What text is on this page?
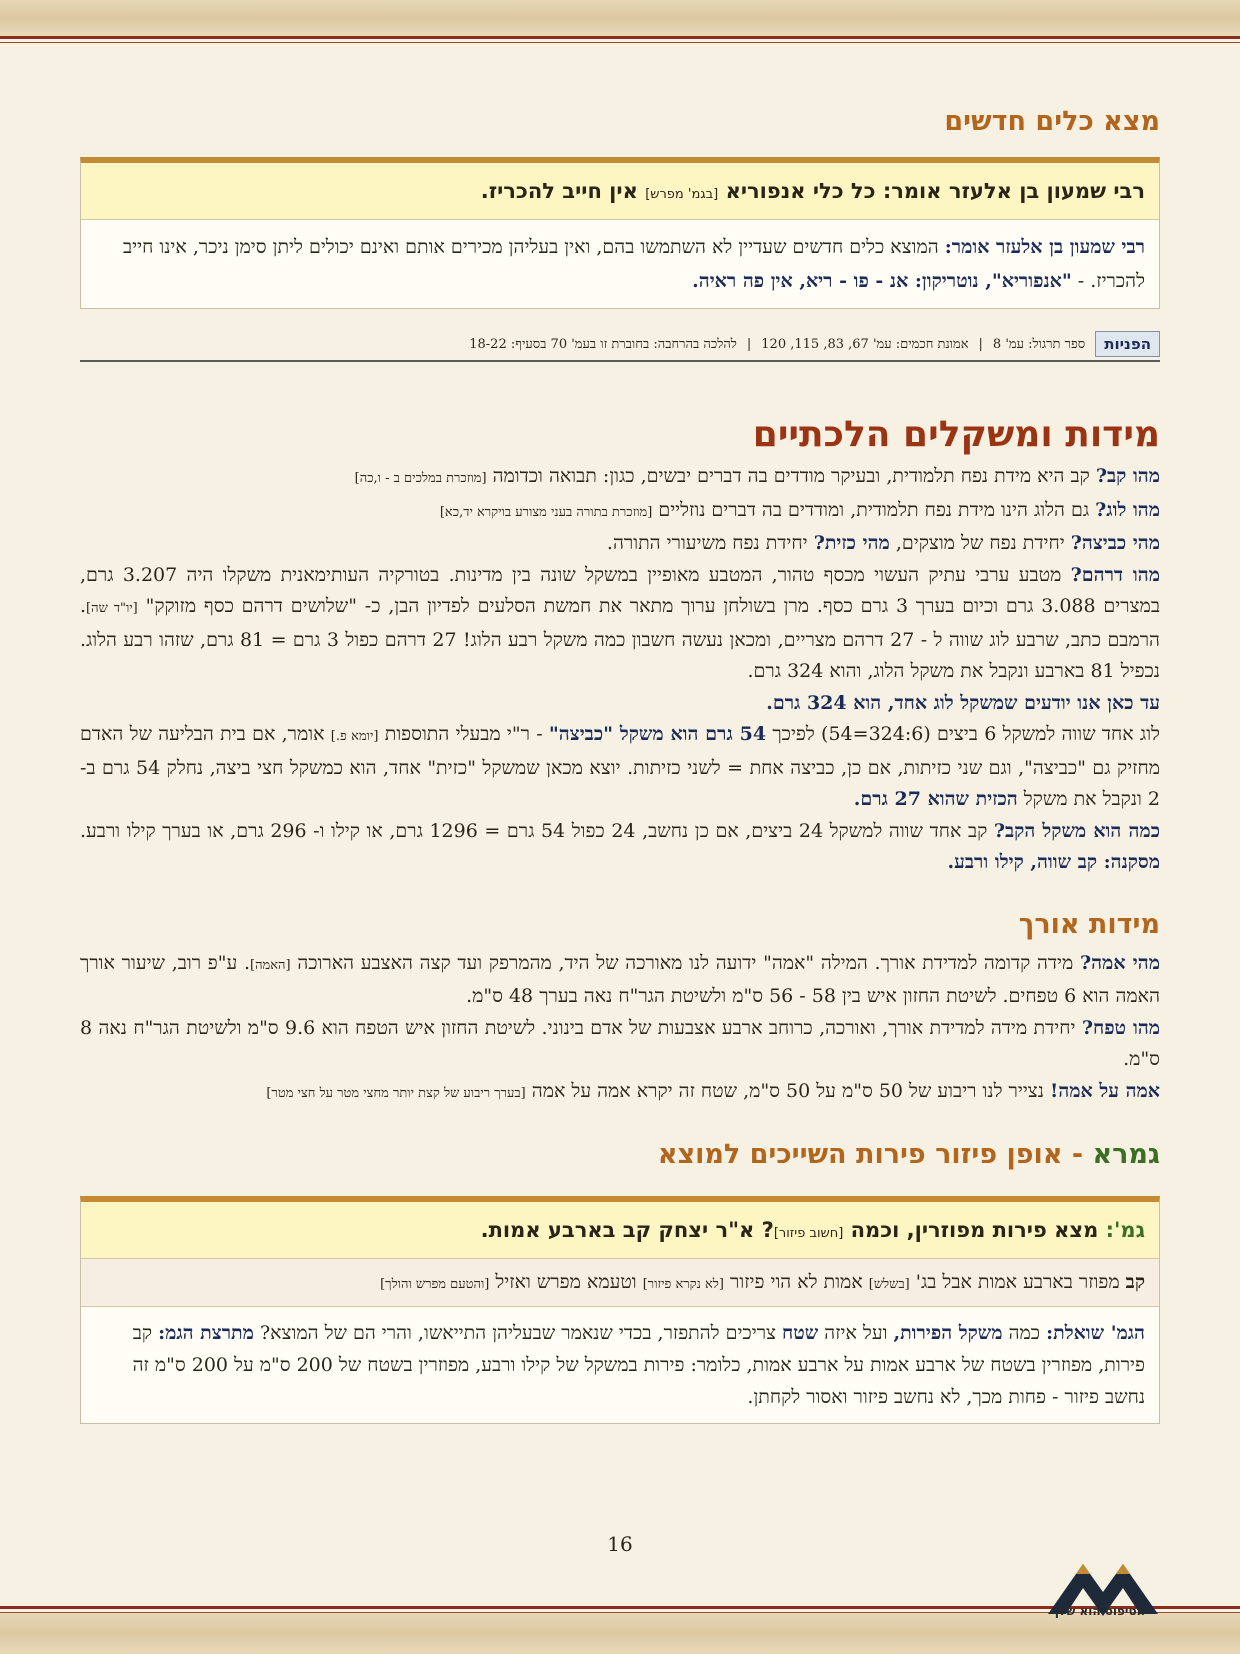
מצא כלים חדשים
רבי שמעון בן אלעזר אומר: כל כלי אנפוריא [בגמ' מפרש] אין חייב להכריז.
רבי שמעון בן אלעזר אומר: המוצא כלים חדשים שעדיין לא השתמשו בהם, ואין בעליהן מכירים אותם ואינם יכולים ליתן סימן ניכר, אינו חייב להכריז. - "אנפוריא", נוטריקון: אנ - פו - ריא, אין פה ראיה.
הפניות
ספר תרגול: עמ' 8
|
אמונת חכמים: עמ' 67, 83, 115, 120
|
להלכה בהרחבה: בחוברת זו בעמ' 70 בסעיף: 18-22
מידות ומשקלים הלכתיים

מהו קב? קב היא מידת נפח תלמודית, ובעיקר מודדים בה דברים יבשים, כגון: תבואה וכדומה [מוזכרת במלכים ב - ו,כה]

מהו לוג? גם הלוג הינו מידת נפח תלמודית, ומודדים בה דברים נוזליים [מוזכרת בתורה בעני מצורע בויקרא יד,כא]

מהי כביצה? יחידת נפח של מוצקים, מהי כזית? יחידת נפח משיעורי התורה.

מהו דרהם? מטבע ערבי עתיק העשוי מכסף טהור, המטבע מאופיין במשקל שונה בין מדינות. בטורקיה העותימאנית משקלו היה 3.207 גרם, במצרים 3.088 גרם וכיום בערך 3 גרם כסף. מרן בשולחן ערוך מתאר את חמשת הסלעים לפדיון הבן, כ- "שלושים דרהם כסף מזוקק" [יו"ד שה]. הרמבם כתב, שרבע לוג שווה ל - 27 דרהם מצריים, ומכאן נעשה חשבון כמה משקל רבע הלוג! 27 דרהם כפול 3 גרם = 81 גרם, שזהו רבע הלוג. נכפיל 81 בארבע ונקבל את משקל הלוג, והוא 324 גרם.

עד כאן אנו יודעים שמשקל לוג אחד, הוא 324 גרם.

לוג אחד שווה למשקל 6 ביצים (324:6=54) לפיכך 54 גרם הוא משקל "כביצה" - ר"י מבעלי התוספות [יומא פ.] אומר, אם בית הבליעה של האדם מחזיק גם "כביצה", וגם שני כזיתות, אם כן, כביצה אחת = לשני כזיתות. יוצא מכאן שמשקל "כזית" אחד, הוא כמשקל חצי ביצה, נחלק 54 גרם ב- 2 ונקבל את משקל הכזית שהוא 27 גרם.

כמה הוא משקל הקב? קב אחד שווה למשקל 24 ביצים, אם כן נחשב, 24 כפול 54 גרם = 1296 גרם, או קילו ו- 296 גרם, או בערך קילו ורבע. מסקנה: קב שווה, קילו ורבע.

מידות אורך

מהי אמה? מידה קדומה למדידת אורך. המילה "אמה" ידועה לנו מאורכה של היד, מהמרפק ועד קצה האצבע הארוכה [האמה]. ע"פ רוב, שיעור אורך האמה הוא 6 טפחים. לשיטת החזון איש בין 58 - 56 ס"מ ולשיטת הגר"ח נאה בערך 48 ס"מ.

מהו טפח? יחידת מידה למדידת אורך, ואורכה, כרוחב ארבע אצבעות של אדם בינוני. לשיטת החזון איש הטפח הוא 9.6 ס"מ ולשיטת הגר"ח נאה 8 ס"מ.

אמה על אמה! נצייר לנו ריבוע של 50 ס"מ על 50 ס"מ, שטח זה יקרא אמה על אמה [בערך ריבוע של קצת יותר מחצי מטר על חצי מטר]

גמרא - אופן פיזור פירות השייכים למוצא
גמ': מצא פירות מפוזרין, וכמה [חשוב פיזור]? א"ר יצחק קב בארבע אמות.
קב מפוזר בארבע אמות אבל בג' [בשלש] אמות לא הוי פיזור [לא נקרא פיזור] וטעמא מפרש ואזיל [והטעם מפרש והולך]
הגמ' שואלת: כמה משקל הפירות, ועל איזה שטח צריכים להתפזר, בכדי שנאמר שבעליהן התייאשו, והרי הם של המוצא? מתרצת הגמ: קב פירות, מפוזרין בשטח של ארבע אמות על ארבע אמות, כלומר: פירות במשקל של קילו ורבע, מפוזרין בשטח של 200 ס"מ על 200 ס"מ זה נחשב פיזור - פחות מכך, לא נחשב פיזור ואסור לקחתן.
16
הטיפוס הוא שלך
